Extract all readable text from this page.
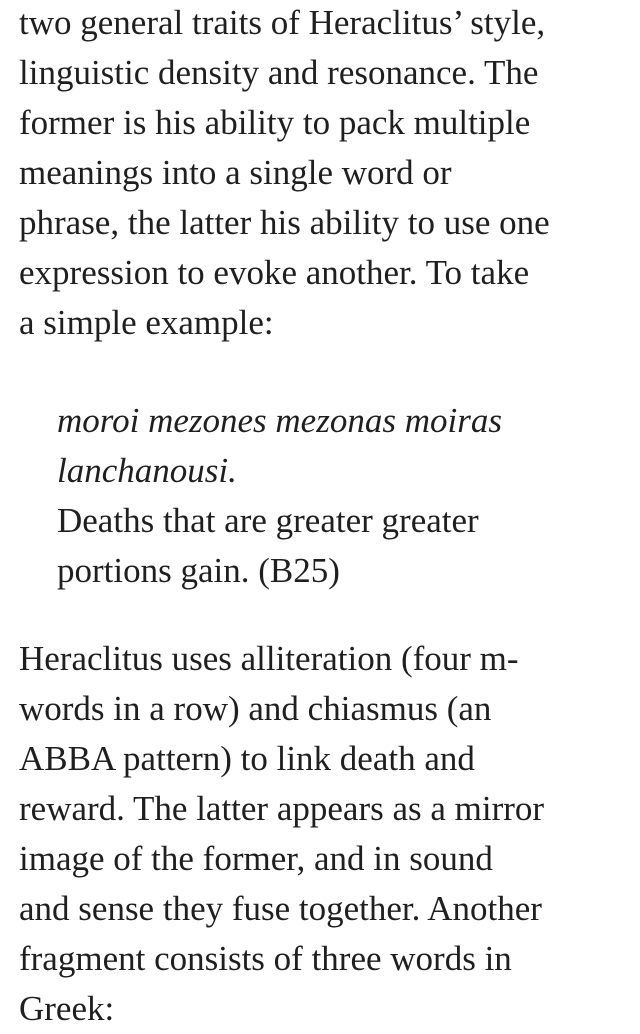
two general traits of Heraclitus’ style,

linguistic density and resonance. The

former is his ability to pack multiple

meanings into a single word or

phrase, the latter his ability to use one

expression to evoke another. To take

a simple example:

moroi mezones mezonas moiras

lanchanousi.

Deaths that are greater greater

portions gain. (B25)

Heraclitus uses alliteration (four m-

words in a row) and chiasmus (an

ABBA pattern) to link death and

reward. The latter appears as a mirror

image of the former, and in sound

and sense they fuse together. Another

fragment consists of three words in

Greek:
